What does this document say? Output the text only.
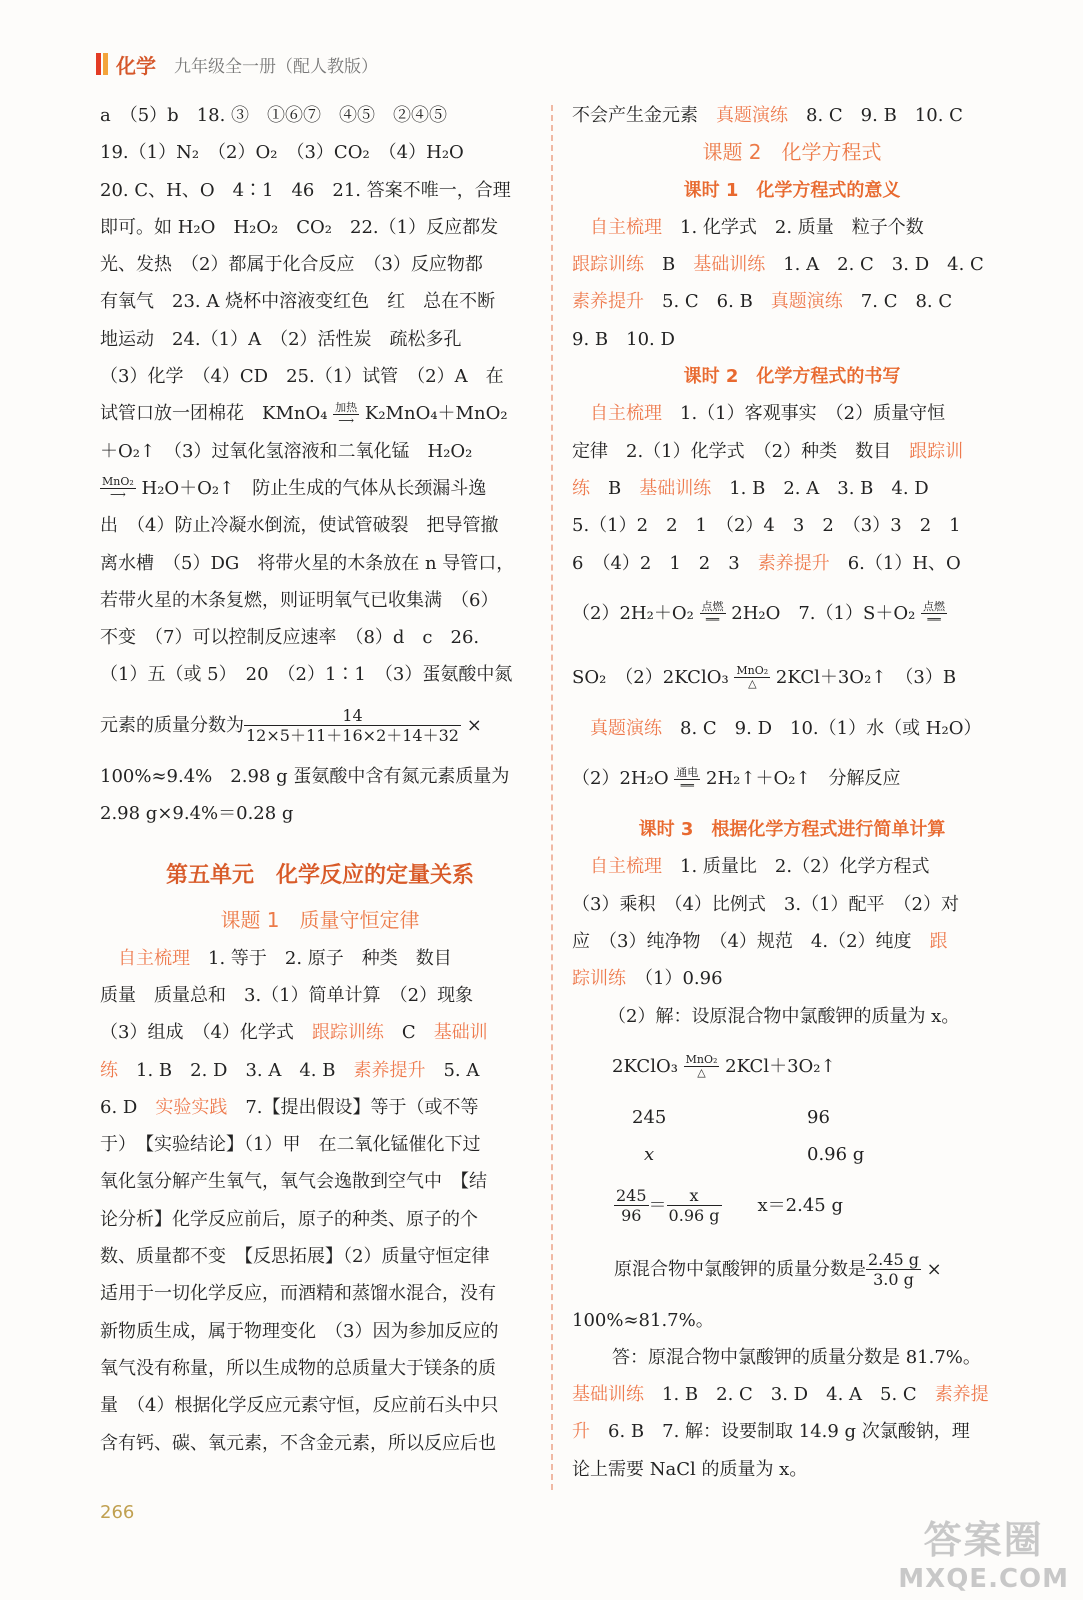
化学 九年级全一册（配人教版）
a　（5）b　18. ③　①⑥⑦　④⑤　②④⑤
19.（1）N₂　（2）O₂　（3）CO₂　（4）H₂O
20. C、H、O　4∶1　46　21. 答案不唯一，合理
即可。如 H₂O　H₂O₂　CO₂　22.（1）反应都发
光、发热　（2）都属于化合反应　（3）反应物都
有氧气　23. A 烧杯中溶液变红色　红　总在不断
地运动　24.（1）A　（2）活性炭　疏松多孔
（3）化学　（4）CD　25.（1）试管　（2）A　在
试管口放一团棉花　KMnO₄ 加热
⟶ K₂MnO₄＋MnO₂
＋O₂↑　（3）过氧化氢溶液和二氧化锰　H₂O₂
MnO₂
⟶ H₂O＋O₂↑　防止生成的气体从长颈漏斗逸
出　（4）防止冷凝水倒流，使试管破裂　把导管撤
离水槽　（5）DG　将带火星的木条放在 n 导管口，
若带火星的木条复燃，则证明氧气已收集满　（6）
不变　（7）可以控制反应速率　（8）d　c　26.
（1）五（或 5）　20　（2）1∶1　（3）蛋氨酸中氮
元素的质量分数为 $\frac{14}{12\times 5+11+16\times 2+14+32}$ ×
100%≈9.4%　2.98 g 蛋氨酸中含有氮元素质量为
2.98 g×9.4%＝0.28 g
第五单元　化学反应的定量关系
课题 1　质量守恒定律
　自主梳理　1. 等于　2. 原子　种类　数目
质量　质量总和　3.（1）简单计算　（2）现象
（3）组成　（4）化学式　跟踪训练　C　基础训
练　1. B　2. D　3. A　4. B　素养提升　5. A
6. D　实验实践　7.【提出假设】等于（或不等
于）　【实验结论】（1）甲　在二氧化锰催化下过
氧化氢分解产生氧气，氧气会逸散到空气中　【结
论分析】化学反应前后，原子的种类、原子的个
数、质量都不变　【反思拓展】（2）质量守恒定律
适用于一切化学反应，而酒精和蒸馏水混合，没有
新物质生成，属于物理变化　（3）因为参加反应的
氧气没有称量，所以生成物的总质量大于镁条的质
量　（4）根据化学反应元素守恒，反应前石头中只
含有钙、碳、氧元素，不含金元素，所以反应后也
不会产生金元素　真题演练　8. C　9. B　10. C
课题 2　化学方程式
课时 1　化学方程式的意义
　自主梳理　1. 化学式　2. 质量　粒子个数
跟踪训练　B　基础训练　1. A　2. C　3. D　4. C
素养提升　5. C　6. B　真题演练　7. C　8. C
9. B　10. D
课时 2　化学方程式的书写
　自主梳理　1.（1）客观事实　（2）质量守恒
定律　2.（1）化学式　（2）种类　数目　跟踪训
练　B　基础训练　1. B　2. A　3. B　4. D
5.（1）2　2　1　（2）4　3　2　（3）3　2　1
6　（4）2　1　2　3　素养提升　6.（1）H、O
（2）2H₂＋O₂ 点燃
══ 2H₂O　7.（1）S＋O₂ 点燃
══
SO₂　（2）2KClO₃ MnO₂
△ 2KCl＋3O₂↑　（3）B
　真题演练　8. C　9. D　10.（1）水（或 H₂O）
（2）2H₂O 通电
══ 2H₂↑＋O₂↑　分解反应
课时 3　根据化学方程式进行简单计算
　自主梳理　1. 质量比　2.（2）化学方程式
（3）乘积　（4）比例式　3.（1）配平　（2）对
应　（3）纯净物　（4）规范　4.（2）纯度　跟
踪训练　（1）0.96
（2）解：设原混合物中氯酸钾的质量为 x。
2KClO₃ MnO₂
△ 2KCl＋3O₂↑
245	96
x	0.96 g
$\frac{245}{96} = \frac{x}{0.96 g} x=2.45$ g
原混合物中氯酸钾的质量分数是 $\frac{2.45 g}{3.0 g}$ ×
100%≈81.7%。
答：原混合物中氯酸钾的质量分数是 81.7%。
基础训练　1. B　2. C　3. D　4. A　5. C　素养提
升　6. B　7. 解：设要制取 14.9 g 次氯酸钠，理
论上需要 NaCl 的质量为 x。
266
答案圈
MXQE.COM
